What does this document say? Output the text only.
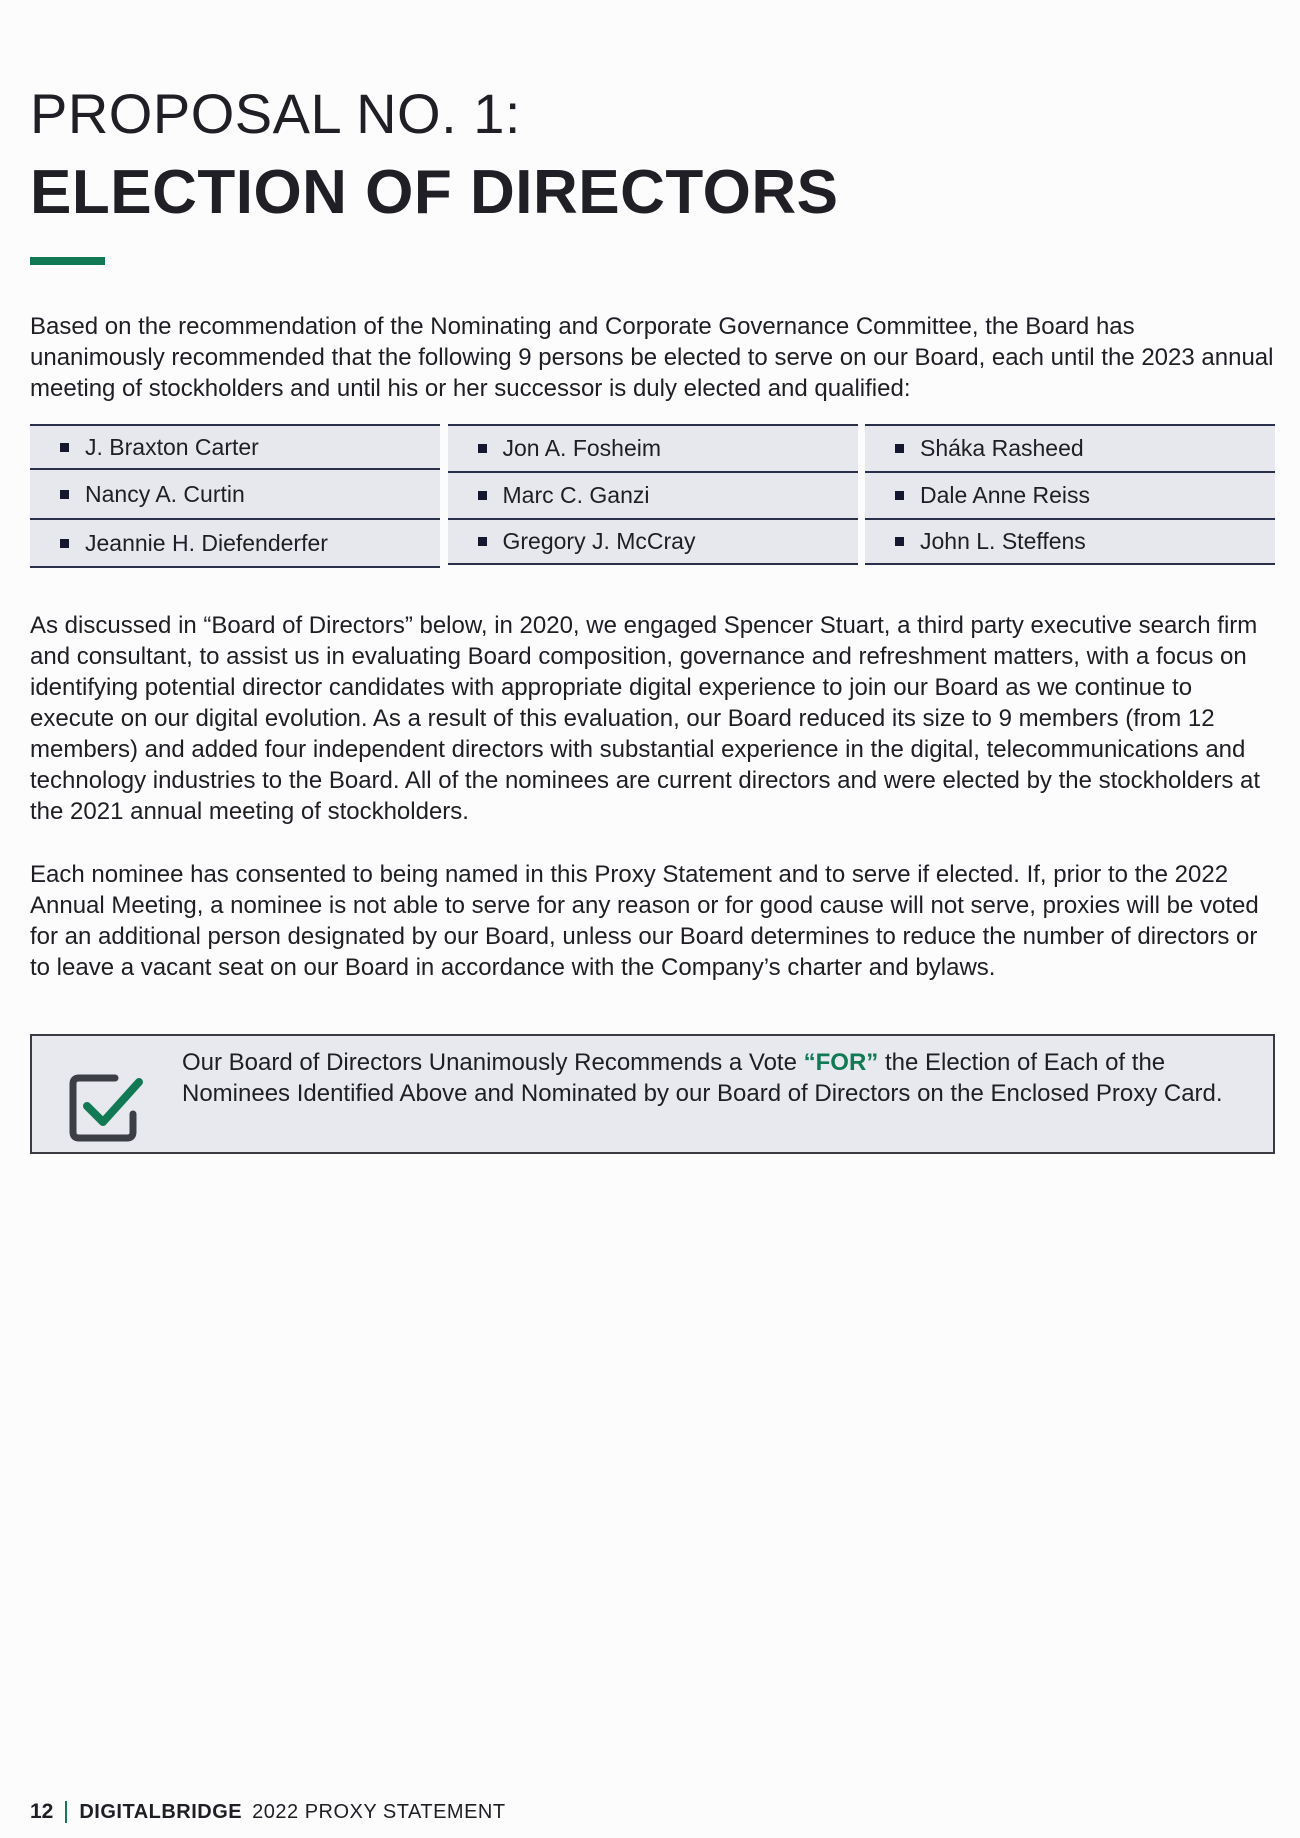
PROPOSAL NO. 1:
ELECTION OF DIRECTORS

Based on the recommendation of the Nominating and Corporate Governance Committee, the Board has unanimously recommended that the following 9 persons be elected to serve on our Board, each until the 2023 annual meeting of stockholders and until his or her successor is duly elected and qualified:

J. Braxton Carter
Nancy A. Curtin
Jeannie H. Diefenderfer
Jon A. Fosheim
Marc C. Ganzi
Gregory J. McCray
Sháka Rasheed
Dale Anne Reiss
John L. Steffens

As discussed in “Board of Directors” below, in 2020, we engaged Spencer Stuart, a third party executive search firm and consultant, to assist us in evaluating Board composition, governance and refreshment matters, with a focus on identifying potential director candidates with appropriate digital experience to join our Board as we continue to execute on our digital evolution. As a result of this evaluation, our Board reduced its size to 9 members (from 12 members) and added four independent directors with substantial experience in the digital, telecommunications and technology industries to the Board. All of the nominees are current directors and were elected by the stockholders at the 2021 annual meeting of stockholders.

Each nominee has consented to being named in this Proxy Statement and to serve if elected. If, prior to the 2022 Annual Meeting, a nominee is not able to serve for any reason or for good cause will not serve, proxies will be voted for an additional person designated by our Board, unless our Board determines to reduce the number of directors or to leave a vacant seat on our Board in accordance with the Company’s charter and bylaws.

Our Board of Directors Unanimously Recommends a Vote “FOR” the Election of Each of the Nominees Identified Above and Nominated by our Board of Directors on the Enclosed Proxy Card.
12 DIGITALBRIDGE 2022 PROXY STATEMENT
